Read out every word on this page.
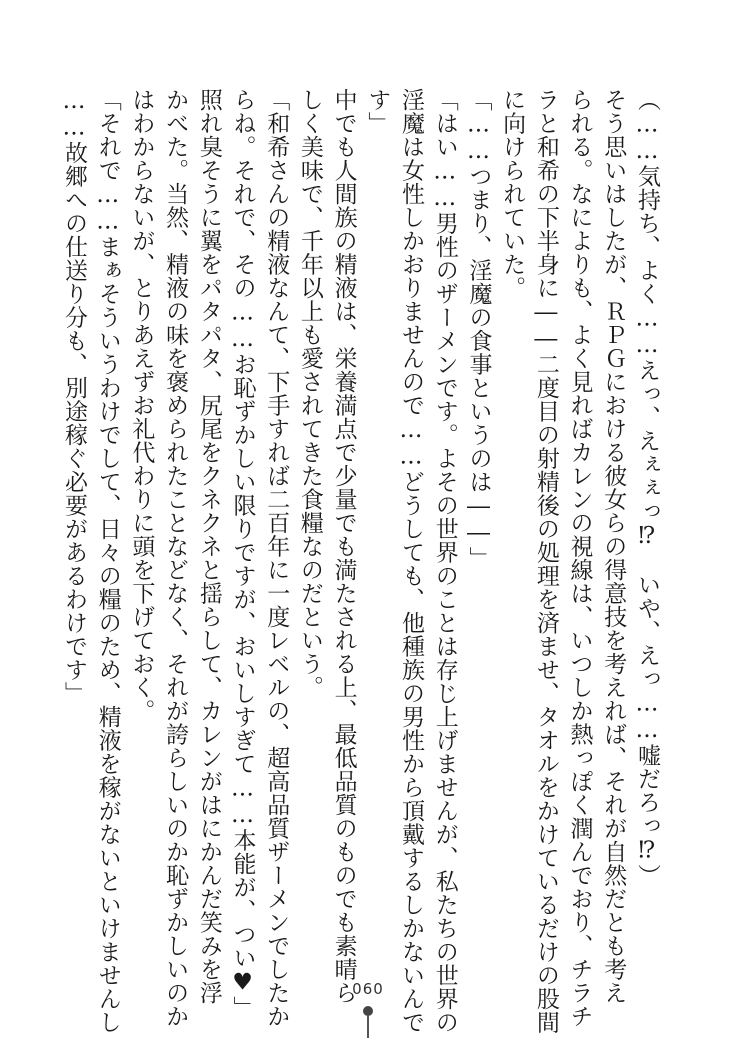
（……気持ち、よく……えっ、えぇぇっ⁉　いや、えっ……嘘だろっ⁉）
そう思いはしたが、ＲＰＧにおける彼女らの得意技を考えれば、それが自然だとも考え
られる。なによりも、よく見ればカレンの視線は、いつしか熱っぽく潤んでおり、チラチ
ラと和希の下半身に――二度目の射精後の処理を済ませ、タオルをかけているだけの股間
に向けられていた。
「……つまり、淫魔の食事というのは――」
「はい……男性のザーメンです。よその世界のことは存じ上げませんが、私たちの世界の
淫魔は女性しかおりませんので……どうしても、他種族の男性から頂戴するしかないんで
す」
中でも人間族の精液は、栄養満点で少量でも満たされる上、最低品質のものでも素晴ら
しく美味で、千年以上も愛されてきた食糧なのだという。
「和希さんの精液なんて、下手すれば二百年に一度レベルの、超高品質ザーメンでしたか
らね。それで、その……お恥ずかしい限りですが、おいしすぎて……本能が、つい♥」
照れ臭そうに翼をパタパタ、尻尾をクネクネと揺らして、カレンがはにかんだ笑みを浮
かべた。当然、精液の味を褒められたことなどなく、それが誇らしいのか恥ずかしいのか
はわからないが、とりあえずお礼代わりに頭を下げておく。
「それで……まぁそういうわけでして、日々の糧のため、精液を稼がないといけませんし
……故郷への仕送り分も、別途稼ぐ必要があるわけです」
060
